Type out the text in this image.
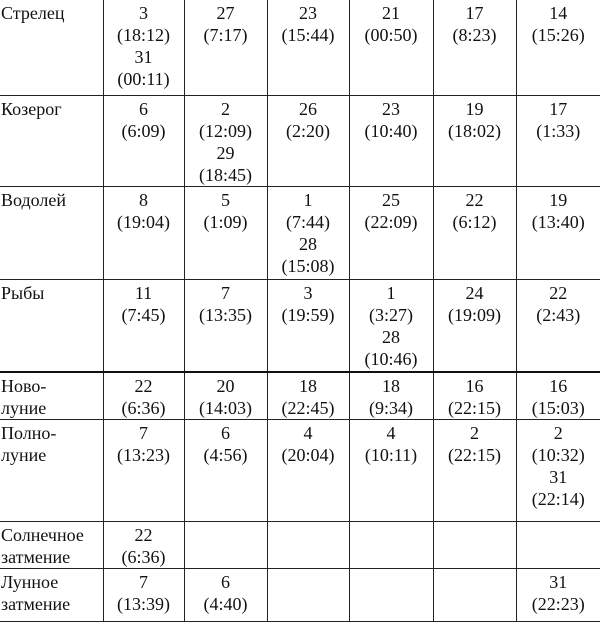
Стрелец	3
(18:12)
31
(00:11)	27
(7:17)	23
(15:44)	21
(00:50)	17
(8:23)	14
(15:26)

Козерог	6
(6:09)	2
(12:09)
29
(18:45)	26
(2:20)	23
(10:40)	19
(18:02)	17
(1:33)

Водолей	8
(19:04)	5
(1:09)	1
(7:44)
28
(15:08)	25
(22:09)	22
(6:12)	19
(13:40)

Рыбы	11
(7:45)	7
(13:35)	3
(19:59)	1
(3:27)
28
(10:46)	24
(19:09)	22
(2:43)

Ново-
луние	22
(6:36)	20
(14:03)	18
(22:45)	18
(9:34)	16
(22:15)	16
(15:03)

Полно-
луние	7
(13:23)	6
(4:56)	4
(20:04)	4
(10:11)	2
(22:15)	2
(10:32)
31
(22:14)

Солнечное
затмение	22
(6:36)					

Лунное
затмение	7
(13:39)	6
(4:40)				31
(22:23)
